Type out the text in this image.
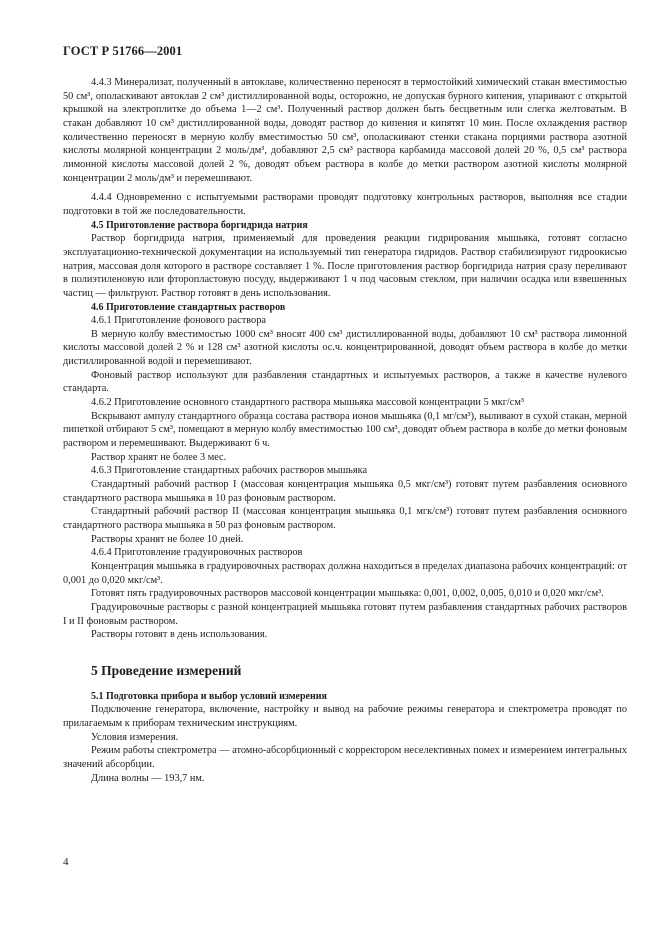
ГОСТ Р 51766—2001

4.4.3 Минерализат, полученный в автоклаве, количественно переносят в термостойкий химический стакан вместимостью 50 см³, ополаскивают автоклав 2 см³ дистиллированной воды, осторожно, не допуская бурного кипения, упаривают с открытой крышкой на электроплитке до объема 1—2 см³. Полученный раствор должен быть бесцветным или слегка желтоватым. В стакан добавляют 10 см³ дистиллированной воды, доводят раствор до кипения и кипятят 10 мин. После охлаждения раствор количественно переносят в мерную колбу вместимостью 50 см³, ополаскивают стенки стакана порциями раствора азотной кислоты молярной концентрации 2 моль/дм³, добавляют 2,5 см³ раствора карбамида массовой долей 20 %, 0,5 см³ раствора лимонной кислоты массовой долей 2 %, доводят объем раствора в колбе до метки раствором азотной кислоты молярной концентрации 2 моль/дм³ и перемешивают.

4.4.4 Одновременно с испытуемыми растворами проводят подготовку контрольных растворов, выполняя все стадии подготовки в той же последовательности.

4.5 Приготовление раствора боргидрида натрия

Раствор боргидрида натрия, применяемый для проведения реакции гидрирования мышьяка, готовят согласно эксплуатационно-технической документации на используемый тип генератора гидридов. Раствор стабилизируют гидроокисью натрия, массовая доля которого в растворе составляет 1 %. После приготовления раствор боргидрида натрия сразу переливают в полиэтиленовую или фторопластовую посуду, выдерживают 1 ч под часовым стеклом, при наличии осадка или взвешенных частиц — фильтруют. Раствор готовят в день использования.

4.6 Приготовление стандартных растворов

4.6.1 Приготовление фонового раствора

В мерную колбу вместимостью 1000 см³ вносят 400 см³ дистиллированной воды, добавляют 10 см³ раствора лимонной кислоты массовой долей 2 % и 128 см³ азотной кислоты ос.ч. концентрированной, доводят объем раствора в колбе до метки дистиллированной водой и перемешивают.

Фоновый раствор используют для разбавления стандартных и испытуемых растворов, а также в качестве нулевого стандарта.

4.6.2 Приготовление основного стандартного раствора мышьяка массовой концентрации 5 мкг/см³

Вскрывают ампулу стандартного образца состава раствора ионов мышьяка (0,1 мг/см³), выливают в сухой стакан, мерной пипеткой отбирают 5 см³, помещают в мерную колбу вместимостью 100 см³, доводят объем раствора в колбе до метки фоновым раствором и перемешивают. Выдерживают 6 ч.

Раствор хранят не более 3 мес.

4.6.3 Приготовление стандартных рабочих растворов мышьяка

Стандартный рабочий раствор I (массовая концентрация мышьяка 0,5 мкг/см³) готовят путем разбавления основного стандартного раствора мышьяка в 10 раз фоновым раствором.

Стандартный рабочий раствор II (массовая концентрация мышьяка 0,1 мгк/см³) готовят путем разбавления основного стандартного раствора мышьяка в 50 раз фоновым раствором.

Растворы хранят не более 10 дней.

4.6.4 Приготовление градуировочных растворов

Концентрация мышьяка в градуировочных растворах должна находиться в пределах диапазона рабочих концентраций: от 0,001 до 0,020 мкг/см³.

Готовят пять градуировочных растворов массовой концентрации мышьяка: 0,001, 0,002, 0,005, 0,010 и 0,020 мкг/см³.

Градуировочные растворы с разной концентрацией мышьяка готовят путем разбавления стандартных рабочих растворов I и II фоновым раствором.

Растворы готовят в день использования.

5 Проведение измерений

5.1 Подготовка прибора и выбор условий измерения

Подключение генератора, включение, настройку и вывод на рабочие режимы генератора и спектрометра проводят по прилагаемым к приборам техническим инструкциям.

Условия измерения.

Режим работы спектрометра — атомно-абсорбционный с корректором неселективных помех и измерением интегральных значений абсорбции.

Длина волны — 193,7 нм.

4
